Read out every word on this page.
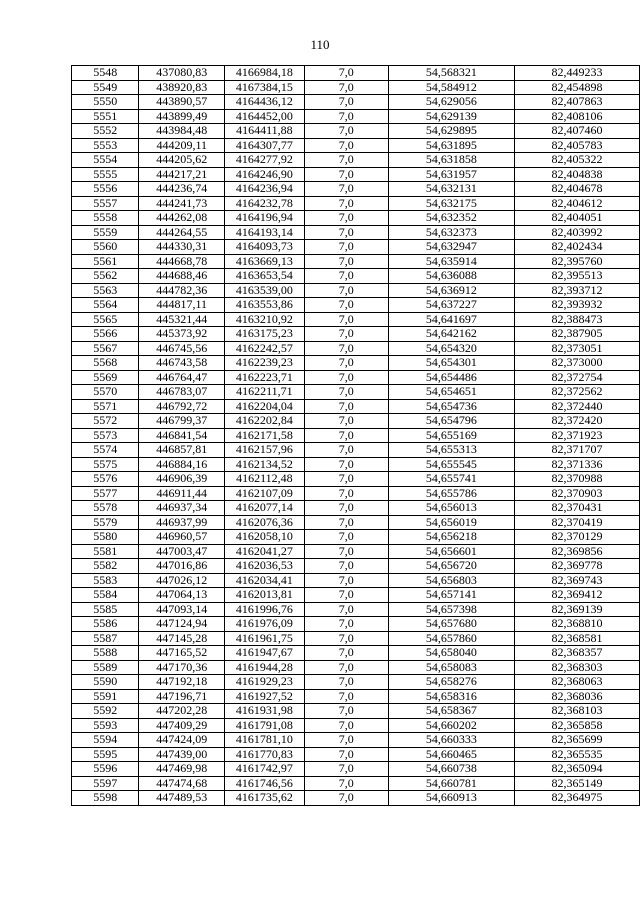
110
5548	437080,83	4166984,18	7,0	54,568321	82,449233
5549	438920,83	4167384,15	7,0	54,584912	82,454898
5550	443890,57	4164436,12	7,0	54,629056	82,407863
5551	443899,49	4164452,00	7,0	54,629139	82,408106
5552	443984,48	4164411,88	7,0	54,629895	82,407460
5553	444209,11	4164307,77	7,0	54,631895	82,405783
5554	444205,62	4164277,92	7,0	54,631858	82,405322
5555	444217,21	4164246,90	7,0	54,631957	82,404838
5556	444236,74	4164236,94	7,0	54,632131	82,404678
5557	444241,73	4164232,78	7,0	54,632175	82,404612
5558	444262,08	4164196,94	7,0	54,632352	82,404051
5559	444264,55	4164193,14	7,0	54,632373	82,403992
5560	444330,31	4164093,73	7,0	54,632947	82,402434
5561	444668,78	4163669,13	7,0	54,635914	82,395760
5562	444688,46	4163653,54	7,0	54,636088	82,395513
5563	444782,36	4163539,00	7,0	54,636912	82,393712
5564	444817,11	4163553,86	7,0	54,637227	82,393932
5565	445321,44	4163210,92	7,0	54,641697	82,388473
5566	445373,92	4163175,23	7,0	54,642162	82,387905
5567	446745,56	4162242,57	7,0	54,654320	82,373051
5568	446743,58	4162239,23	7,0	54,654301	82,373000
5569	446764,47	4162223,71	7,0	54,654486	82,372754
5570	446783,07	4162211,71	7,0	54,654651	82,372562
5571	446792,72	4162204,04	7,0	54,654736	82,372440
5572	446799,37	4162202,84	7,0	54,654796	82,372420
5573	446841,54	4162171,58	7,0	54,655169	82,371923
5574	446857,81	4162157,96	7,0	54,655313	82,371707
5575	446884,16	4162134,52	7,0	54,655545	82,371336
5576	446906,39	4162112,48	7,0	54,655741	82,370988
5577	446911,44	4162107,09	7,0	54,655786	82,370903
5578	446937,34	4162077,14	7,0	54,656013	82,370431
5579	446937,99	4162076,36	7,0	54,656019	82,370419
5580	446960,57	4162058,10	7,0	54,656218	82,370129
5581	447003,47	4162041,27	7,0	54,656601	82,369856
5582	447016,86	4162036,53	7,0	54,656720	82,369778
5583	447026,12	4162034,41	7,0	54,656803	82,369743
5584	447064,13	4162013,81	7,0	54,657141	82,369412
5585	447093,14	4161996,76	7,0	54,657398	82,369139
5586	447124,94	4161976,09	7,0	54,657680	82,368810
5587	447145,28	4161961,75	7,0	54,657860	82,368581
5588	447165,52	4161947,67	7,0	54,658040	82,368357
5589	447170,36	4161944,28	7,0	54,658083	82,368303
5590	447192,18	4161929,23	7,0	54,658276	82,368063
5591	447196,71	4161927,52	7,0	54,658316	82,368036
5592	447202,28	4161931,98	7,0	54,658367	82,368103
5593	447409,29	4161791,08	7,0	54,660202	82,365858
5594	447424,09	4161781,10	7,0	54,660333	82,365699
5595	447439,00	4161770,83	7,0	54,660465	82,365535
5596	447469,98	4161742,97	7,0	54,660738	82,365094
5597	447474,68	4161746,56	7,0	54,660781	82,365149
5598	447489,53	4161735,62	7,0	54,660913	82,364975
